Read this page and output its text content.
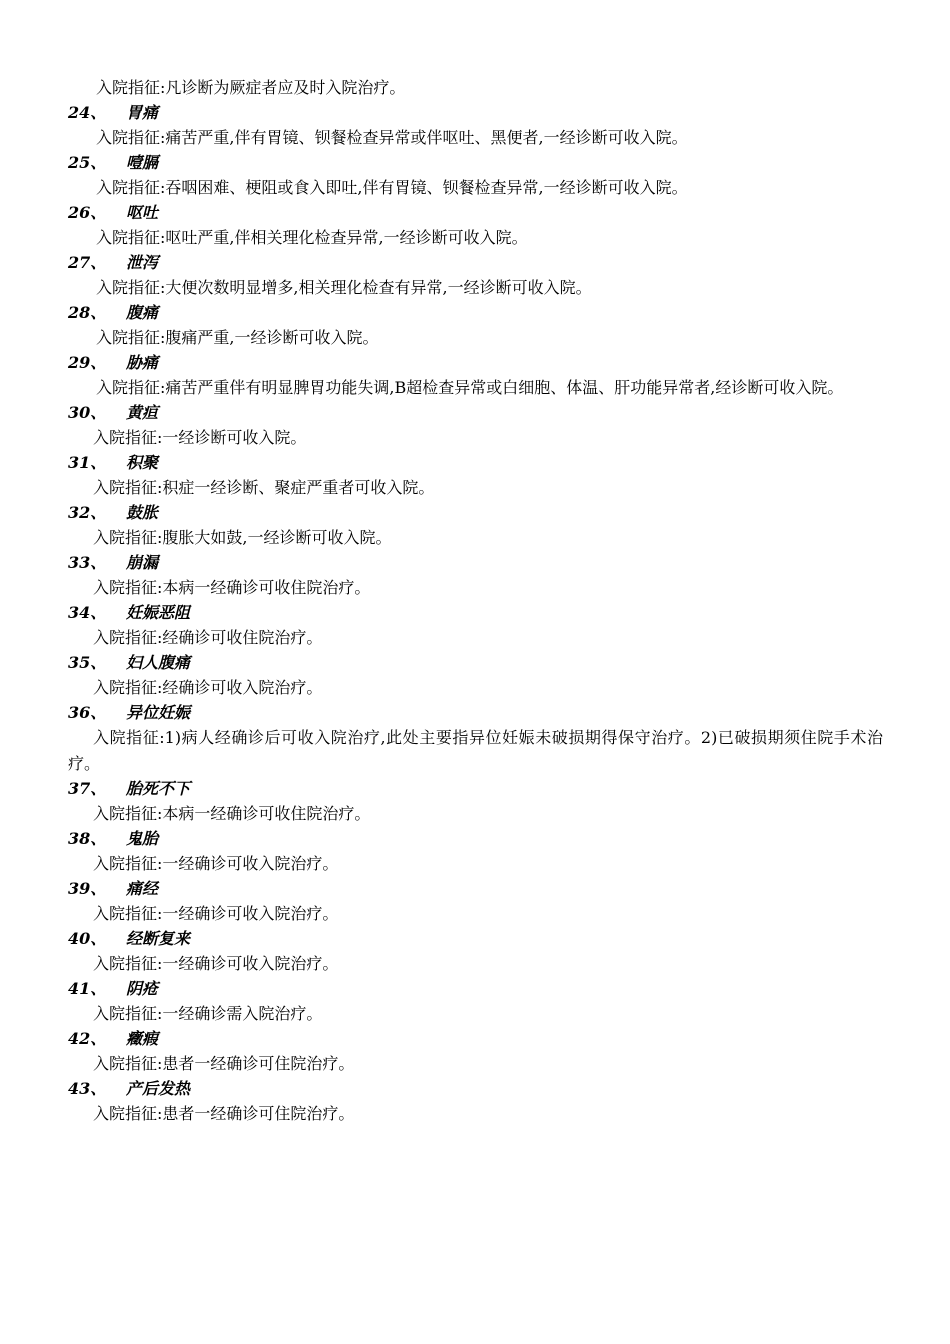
入院指征:凡诊断为厥症者应及时入院治疗。

24、 胃痛

入院指征:痛苦严重,伴有胃镜、钡餐检查异常或伴呕吐、黑便者,一经诊断可收入院。

25、 噎膈

入院指征:吞咽困难、梗阻或食入即吐,伴有胃镜、钡餐检查异常,一经诊断可收入院。

26、 呕吐

入院指征:呕吐严重,伴相关理化检查异常,一经诊断可收入院。

27、 泄泻

入院指征:大便次数明显增多,相关理化检查有异常,一经诊断可收入院。

28、 腹痛

入院指征:腹痛严重,一经诊断可收入院。

29、 胁痛

入院指征:痛苦严重伴有明显脾胃功能失调,B超检查异常或白细胞、体温、肝功能异常者,经诊断可收入院。

30、 黄疸

入院指征:一经诊断可收入院。

31、 积聚

入院指征:积症一经诊断、聚症严重者可收入院。

32、 鼓胀

入院指征:腹胀大如鼓,一经诊断可收入院。

33、 崩漏

入院指征:本病一经确诊可收住院治疗。

34、 妊娠恶阻

入院指征:经确诊可收住院治疗。

35、 妇人腹痛

入院指征:经确诊可收入院治疗。

36、 异位妊娠

入院指征:1)病人经确诊后可收入院治疗,此处主要指异位妊娠未破损期得保守治疗。2)已破损期须住院手术治疗。

37、 胎死不下

入院指征:本病一经确诊可收住院治疗。

38、 鬼胎

入院指征:一经确诊可收入院治疗。

39、 痛经

入院指征:一经确诊可收入院治疗。

40、 经断复来

入院指征:一经确诊可收入院治疗。

41、 阴疮

入院指征:一经确诊需入院治疗。

42、 癥瘕

入院指征:患者一经确诊可住院治疗。

43、 产后发热

入院指征:患者一经确诊可住院治疗。
